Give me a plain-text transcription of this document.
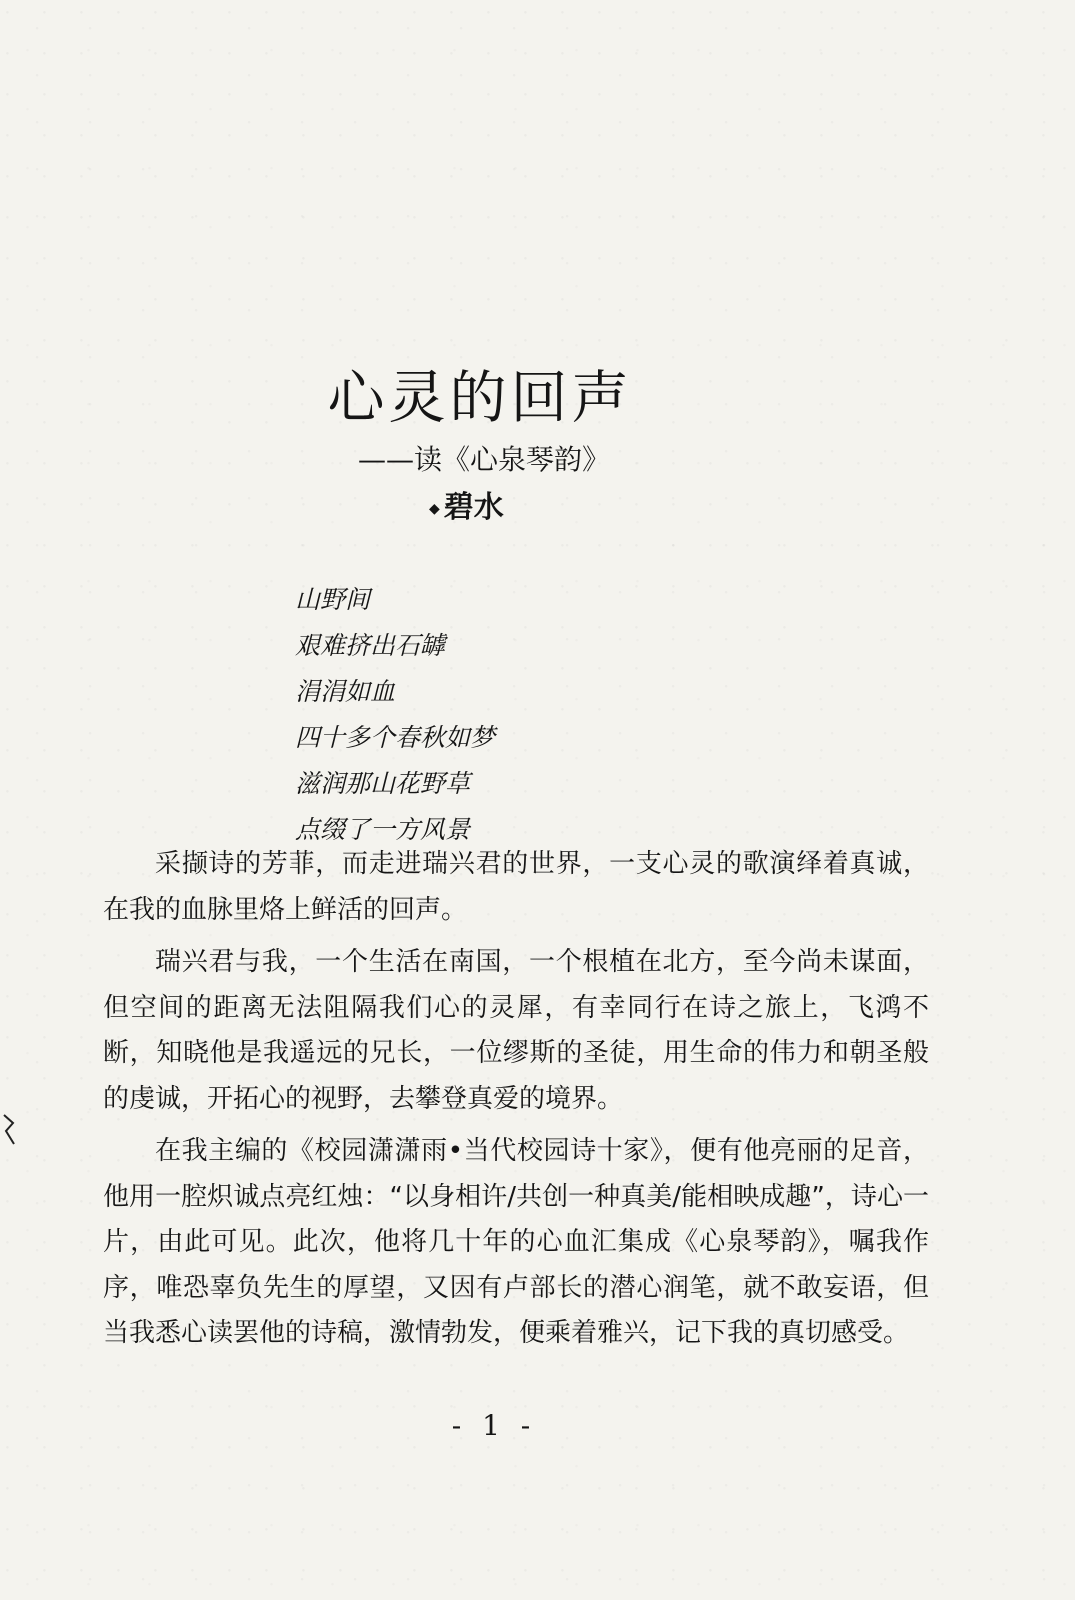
心灵的回声
——读《心泉琴韵》
◆ 碧水
山野间
艰难挤出石罅
涓涓如血
四十多个春秋如梦
滋润那山花野草
点缀了一方风景

采撷诗的芳菲，而走进瑞兴君的世界，一支心灵的歌演绎着真诚，在我的血脉里烙上鲜活的回声。

瑞兴君与我，一个生活在南国，一个根植在北方，至今尚未谋面，但空间的距离无法阻隔我们心的灵犀，有幸同行在诗之旅上，飞鸿不断，知晓他是我遥远的兄长，一位缪斯的圣徒，用生命的伟力和朝圣般的虔诚，开拓心的视野，去攀登真爱的境界。

在我主编的《校园潇潇雨•当代校园诗十家》，便有他亮丽的足音，他用一腔炽诚点亮红烛：“以身相许/共创一种真美/能相映成趣”，诗心一片，由此可见。此次，他将几十年的心血汇集成《心泉琴韵》，嘱我作序，唯恐辜负先生的厚望，又因有卢部长的潜心润笔，就不敢妄语，但当我悉心读罢他的诗稿，激情勃发，便乘着雅兴，记下我的真切感受。

- 1 -
